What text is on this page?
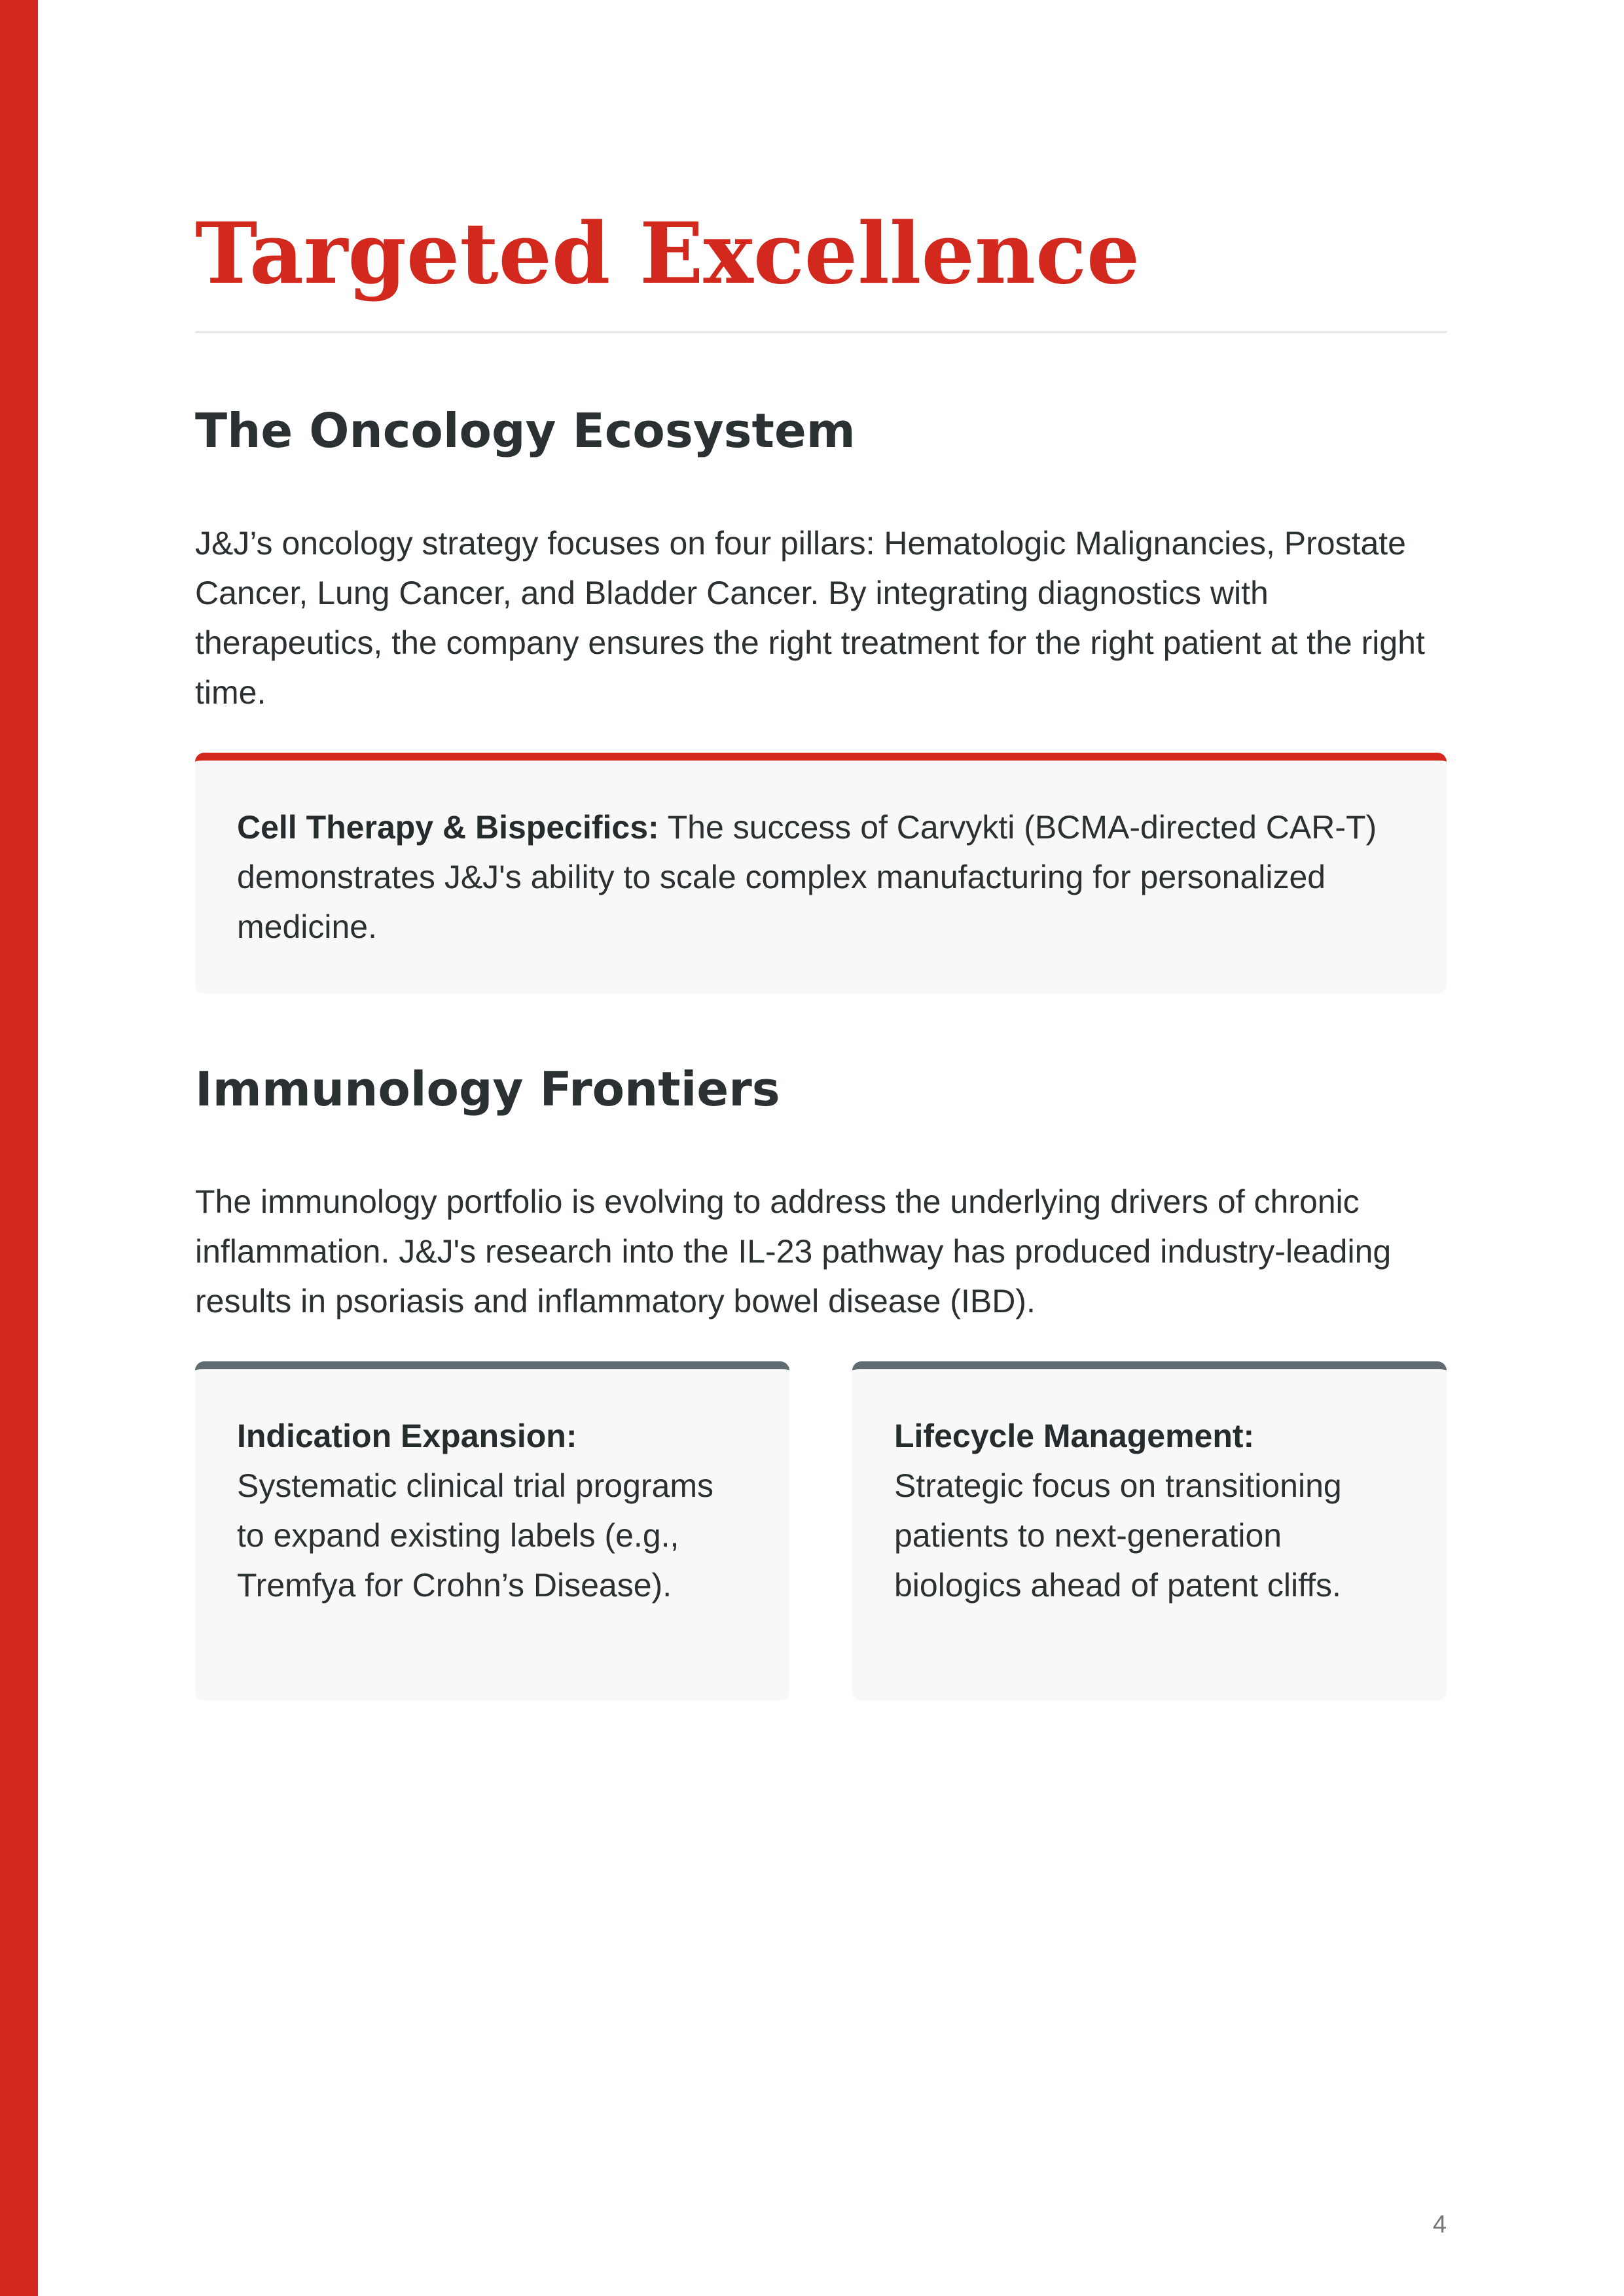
Targeted Excellence
The Oncology Ecosystem

J&J’s oncology strategy focuses on four pillars: Hematologic Malignancies, Prostate Cancer, Lung Cancer, and Bladder Cancer. By integrating diagnostics with therapeutics, the company ensures the right treatment for the right patient at the right time.

Cell Therapy & Bispecifics: The success of Carvykti (BCMA-directed CAR-T) demonstrates J&J's ability to scale complex manufacturing for personalized medicine.

Immunology Frontiers

The immunology portfolio is evolving to address the underlying drivers of chronic inflammation. J&J's research into the IL-23 pathway has produced industry-leading results in psoriasis and inflammatory bowel disease (IBD).

Indication Expansion:
Systematic clinical trial programs to expand existing labels (e.g., Tremfya for Crohn’s Disease).

Lifecycle Management:
Strategic focus on transitioning patients to next-generation biologics ahead of patent cliffs.

4
